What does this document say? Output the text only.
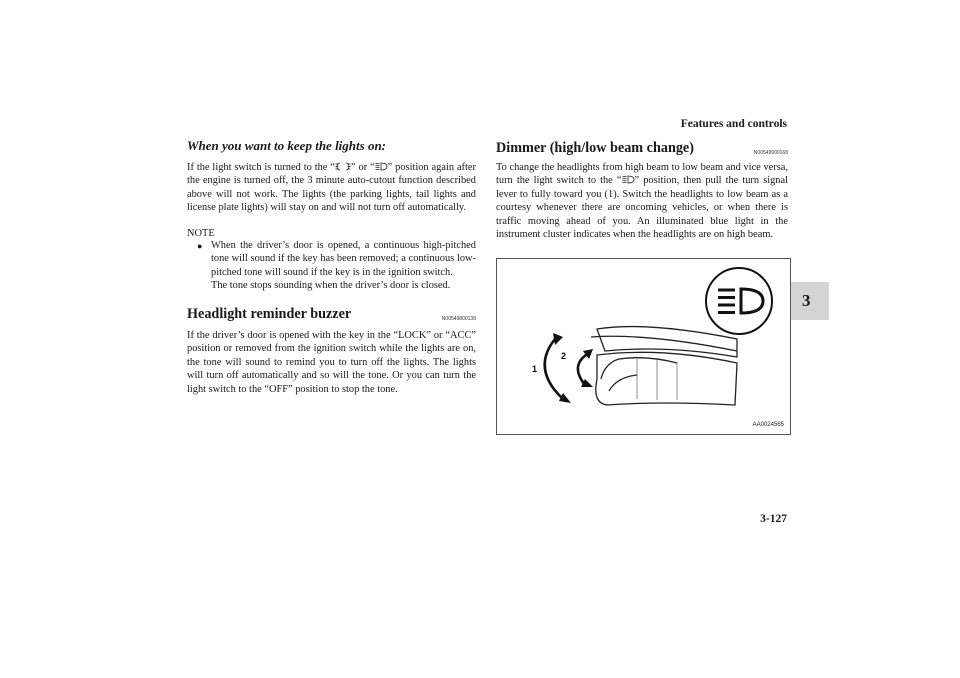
Features and controls
3
When you want to keep the lights on:

If the light switch is turned to the “ ” or “ ” position again after the engine is turned off, the 3 minute auto-cutout function described above will not work. The lights (the parking lights, tail lights and license plate lights) will stay on and will not turn off automatically.

NOTE
● When the driver’s door is opened, a continuous high-pitched tone will sound if the key has been removed; a continuous low-pitched tone will sound if the key is in the ignition switch.
The tone stops sounding when the driver’s door is closed.
Headlight reminder buzzer	N00549800138

If the driver’s door is opened with the key in the “LOCK” or “ACC” position or removed from the ignition switch while the lights are on, the tone will sound to remind you to turn off the lights. The lights will turn off automatically and so will the tone. Or you can turn the light switch to the “OFF” position to stop the tone.

Dimmer (high/low beam change)	N00549900168

To change the headlights from high beam to low beam and vice versa, turn the light switch to the “ ” position, then pull the turn signal lever to fully toward you (1). Switch the headlights to low beam as a courtesy whenever there are oncoming vehicles, or when there is traffic moving ahead of you. An illuminated blue light in the instrument cluster indicates when the headlights are on high beam.

1
2
AA0024565
3-127
